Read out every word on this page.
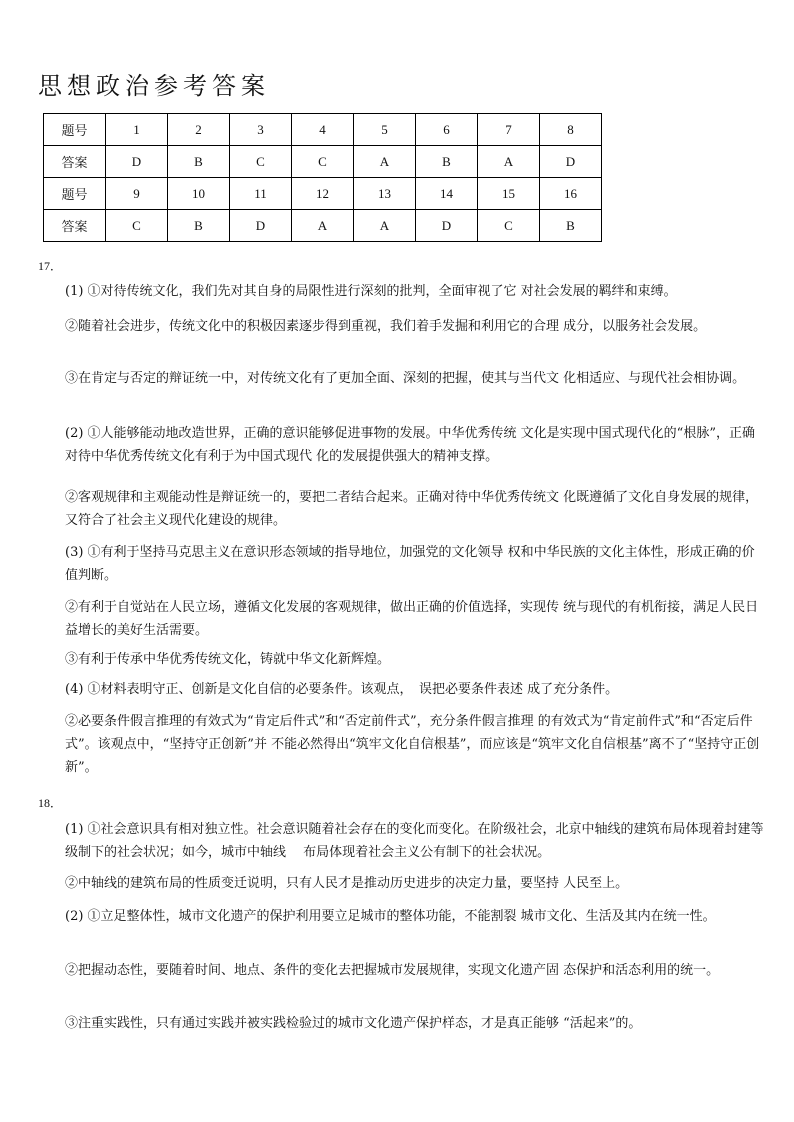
思想政治参考答案
题号	1	2	3	4	5	6	7	8
答案	D	B	C	C	A	B	A	D
题号	9	10	11	12	13	14	15	16
答案	C	B	D	A	A	D	C	B
17．

(1) ①对待传统文化，我们先对其自身的局限性进行深刻的批判，全面审视了它 对社会发展的羁绊和束缚。

②随着社会进步，传统文化中的积极因素逐步得到重视，我们着手发掘和利用它的合理 成分，以服务社会发展。

③在肯定与否定的辩证统一中，对传统文化有了更加全面、深刻的把握，使其与当代文 化相适应、与现代社会相协调。

(2) ①人能够能动地改造世界，正确的意识能够促进事物的发展。中华优秀传统 文化是实现中国式现代化的“根脉”，正确对待中华优秀传统文化有利于为中国式现代 化的发展提供强大的精神支撑。

②客观规律和主观能动性是辩证统一的，要把二者结合起来。正确对待中华优秀传统文 化既遵循了文化自身发展的规律，又符合了社会主义现代化建设的规律。

(3) ①有利于坚持马克思主义在意识形态领域的指导地位，加强党的文化领导 权和中华民族的文化主体性，形成正确的价值判断。

②有利于自觉站在人民立场，遵循文化发展的客观规律，做出正确的价值选择，实现传 统与现代的有机衔接，满足人民日益增长的美好生活需要。

③有利于传承中华优秀传统文化，铸就中华文化新辉煌。

(4) ①材料表明守正、创新是文化自信的必要条件。该观点，　误把必要条件表述 成了充分条件。

②必要条件假言推理的有效式为“肯定后件式”和“否定前件式”，充分条件假言推理 的有效式为“肯定前件式”和“否定后件式”。该观点中，“坚持守正创新”并 不能必然得出“筑牢文化自信根基”，而应该是“筑牢文化自信根基”离不了“坚持守正创新”。

18．

(1) ①社会意识具有相对独立性。社会意识随着社会存在的变化而变化。在阶级社会，北京中轴线的建筑布局体现着封建等级制下的社会状况；如今，城市中轴线　 布局体现着社会主义公有制下的社会状况。

②中轴线的建筑布局的性质变迁说明，只有人民才是推动历史进步的决定力量，要坚持 人民至上。

(2) ①立足整体性，城市文化遗产的保护利用要立足城市的整体功能，不能割裂 城市文化、生活及其内在统一性。

②把握动态性，要随着时间、地点、条件的变化去把握城市发展规律，实现文化遗产固 态保护和活态利用的统一。

③注重实践性，只有通过实践并被实践检验过的城市文化遗产保护样态，才是真正能够 “活起来”的。
